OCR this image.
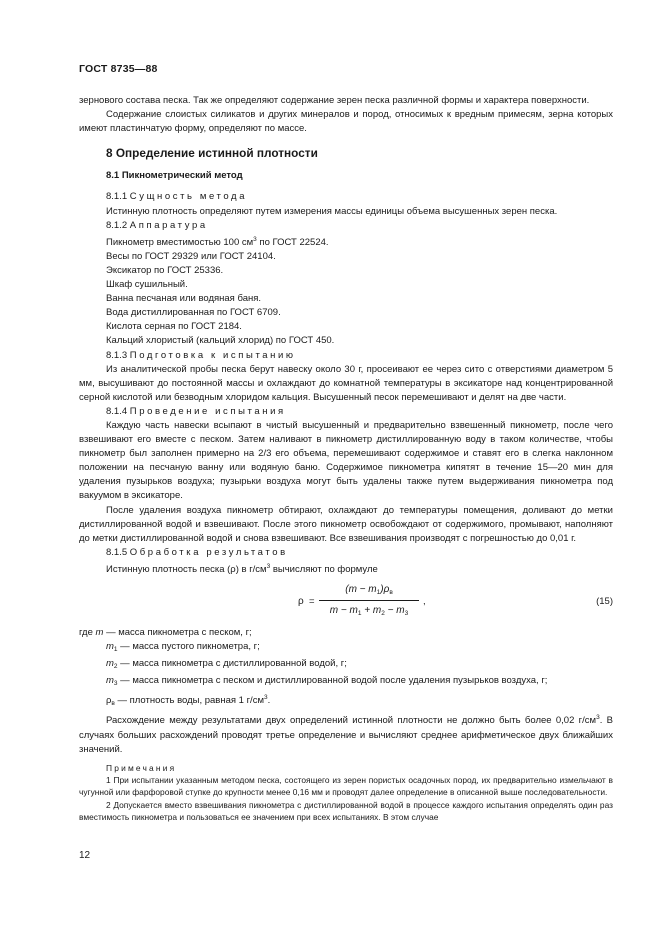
ГОСТ 8735—88

зернового состава песка. Так же определяют содержание зерен песка различной формы и характера поверхности.

Содержание слоистых силикатов и других минералов и пород, относимых к вредным примесям, зерна которых имеют пластинчатую форму, определяют по массе.

8 Определение истинной плотности
8.1 Пикнометрический метод

8.1.1 Сущность метода

Истинную плотность определяют путем измерения массы единицы объема высушенных зерен песка.

8.1.2 Аппаратура

Пикнометр вместимостью 100 $см^3$ по ГОСТ 22524.

Весы по ГОСТ 29329 или ГОСТ 24104.

Эксикатор по ГОСТ 25336.

Шкаф сушильный.

Ванна песчаная или водяная баня.

Вода дистиллированная по ГОСТ 6709.

Кислота серная по ГОСТ 2184.

Кальций хлористый (кальций хлорид) по ГОСТ 450.

8.1.3 Подготовка к испытанию

Из аналитической пробы песка берут навеску около 30 г, просеивают ее через сито с отверстиями диаметром 5 мм, высушивают до постоянной массы и охлаждают до комнатной температуры в эксикаторе над концентрированной серной кислотой или безводным хлоридом кальция. Высушенный песок перемешивают и делят на две части.

8.1.4 Проведение испытания

Каждую часть навески всыпают в чистый высушенный и предварительно взвешенный пикнометр, после чего взвешивают его вместе с песком. Затем наливают в пикнометр дистиллированную воду в таком количестве, чтобы пикнометр был заполнен примерно на 2/3 его объема, перемешивают содержимое и ставят его в слегка наклонном положении на песчаную ванну или водяную баню. Содержимое пикнометра кипятят в течение 15—20 мин для удаления пузырьков воздуха; пузырьки воздуха могут быть удалены также путем выдерживания пикнометра под вакуумом в эксикаторе.

После удаления воздуха пикнометр обтирают, охлаждают до температуры помещения, доливают до метки дистиллированной водой и взвешивают. После этого пикнометр освобождают от содержимого, промывают, наполняют до метки дистиллированной водой и снова взвешивают. Все взвешивания производят с погрешностью до 0,01 г.

8.1.5 Обработка результатов

Истинную плотность песка (ρ) в $г/см^3$ вычисляют по формуле

ρ =
$(m - m_1)\rho_в$
$m - m_1 + m_2 - m_3$
,	(15)

где m — масса пикнометра с песком, г;

$m_1$ — масса пустого пикнометра, г;

$m_2$ — масса пикнометра с дистиллированной водой, г;

$m_3$ — масса пикнометра с песком и дистиллированной водой после удаления пузырьков воздуха, г;

$\rho_в$ — плотность воды, равная 1 $г/см^3$.

Расхождение между результатами двух определений истинной плотности не должно быть более 0,02 $г/см^3$. В случаях больших расхождений проводят третье определение и вычисляют среднее арифметическое двух ближайших значений.

Примечания

1 При испытании указанным методом песка, состоящего из зерен пористых осадочных пород, их предварительно измельчают в чугунной или фарфоровой ступке до крупности менее 0,16 мм и проводят далее определение в описанной выше последовательности.

2 Допускается вместо взвешивания пикнометра с дистиллированной водой в процессе каждого испытания определять один раз вместимость пикнометра и пользоваться ее значением при всех испытаниях. В этом случае

12
